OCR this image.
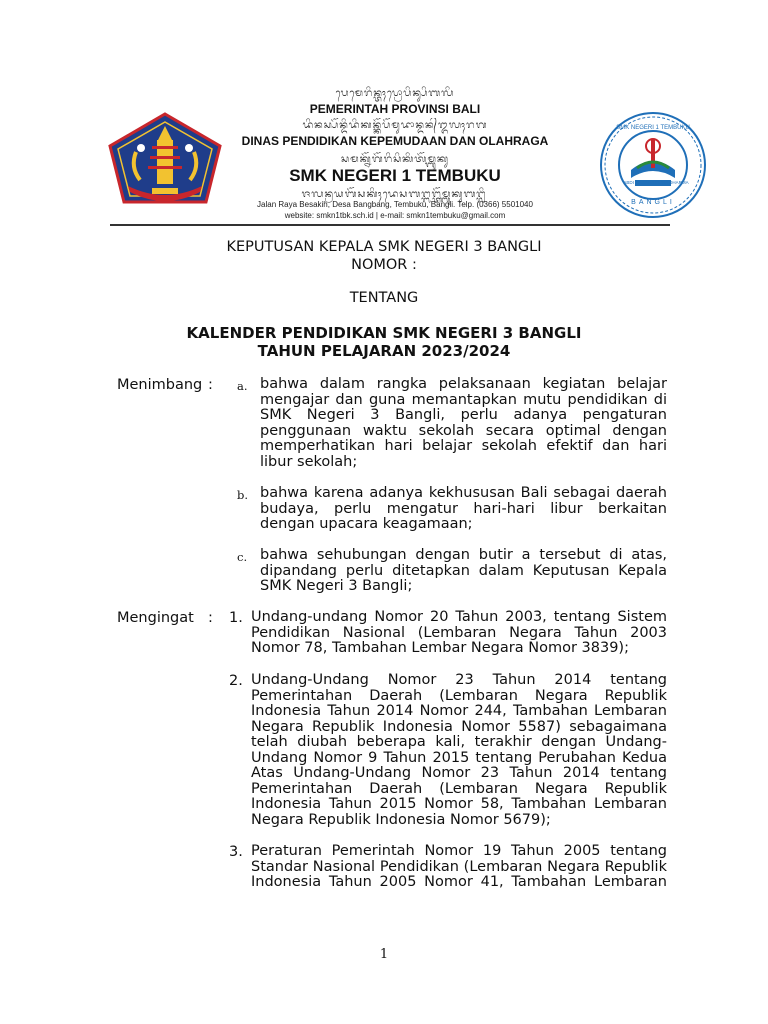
SMK NEGERI 1 TEMBUKU
ABDI NAGARA GUNA DHARMA
BANGLI
ᬧᬾᬫᬾᬭᬶᬦ᭄ᬢᬄᬧ᭄ᬭᭀᬧᬶᬦ᭄ᬲᬶᬩᬮᬶ
PEMERINTAH PROVINSI BALI
ᬤᬶᬦᬲ᭄ᬧᭂᬦ᭄ᬤᬶᬤᬶᬓᬦ᭄ᬓᭂᬧᭂᬫᬸᬤᬵᬦ᭄ᬤᬦ᭄ᬑᬮᬄᬭᬕ
DINAS PENDIDIKAN KEPEMUDAAN DAN OLAHRAGA
ᬲᬫᬓ᭄ᬦᭂᬕᭂᬭᬶᬲᬶᬓᬶᬢᭂᬫ᭄ᬩᬸᬓᬸ
SMK NEGERI 1 TEMBUKU
ᬚᬮᬦ᭄ᬭᬬᬩᭂᬲᬓᬶᬄᬤᬾᬲᬩᬗ᭄ᬩᬗ᭄ᬢᭂᬫ᭄ᬩᬸᬓᬸᬩᬗ᭄ᬮᬶ
Jalan Raya Besakih, Desa Bangbang, Tembuku, Bangli. Telp. (0366) 5501040
website: smkn1tbk.sch.id | e-mail: smkn1tembuku@gmail.com
KEPUTUSAN KEPALA SMK NEGERI 3 BANGLI
NOMOR :
TENTANG
KALENDER PENDIDIKAN SMK NEGERI 3 BANGLI
TAHUN PELAJARAN 2023/2024
Menimbang : a. bahwa dalam rangka pelaksanaan kegiatan belajar mengajar dan guna memantapkan mutu pendidikan di SMK Negeri 3 Bangli, perlu adanya pengaturan penggunaan waktu sekolah secara optimal dengan memperhatikan hari belajar sekolah efektif dan hari libur sekolah;
b. bahwa karena adanya kekhususan Bali sebagai daerah budaya, perlu mengatur hari-hari libur berkaitan dengan upacara keagamaan;
c. bahwa sehubungan dengan butir a tersebut di atas, dipandang perlu ditetapkan dalam Keputusan Kepala SMK Negeri 3 Bangli;
Mengingat : 1. Undang-undang Nomor 20 Tahun 2003, tentang Sistem Pendidikan Nasional (Lembaran Negara Tahun 2003 Nomor 78, Tambahan Lembar Negara Nomor 3839);
2. Undang-Undang Nomor 23 Tahun 2014 tentang Pemerintahan Daerah (Lembaran Negara Republik Indonesia Tahun 2014 Nomor 244, Tambahan Lembaran Negara Republik Indonesia Nomor 5587) sebagaimana telah diubah beberapa kali, terakhir dengan Undang-Undang Nomor 9 Tahun 2015 tentang Perubahan Kedua Atas Undang-Undang Nomor 23 Tahun 2014 tentang Pemerintahan Daerah (Lembaran Negara Republik Indonesia Tahun 2015 Nomor 58, Tambahan Lembaran Negara Republik Indonesia Nomor 5679);
3. Peraturan Pemerintah Nomor 19 Tahun 2005 tentang Standar Nasional Pendidikan (Lembaran Negara Republik Indonesia Tahun 2005 Nomor 41, Tambahan Lembaran
1
